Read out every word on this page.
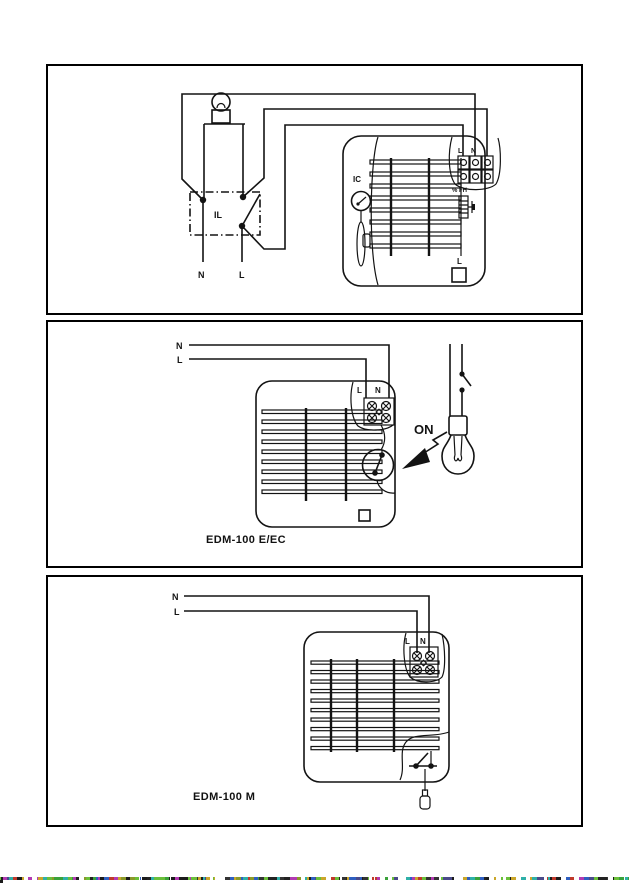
IL
N	L
IC
L N
% FH
L
N
L
L N
ON
EDM-100 E/EC
N
L
L N
EDM-100 M
